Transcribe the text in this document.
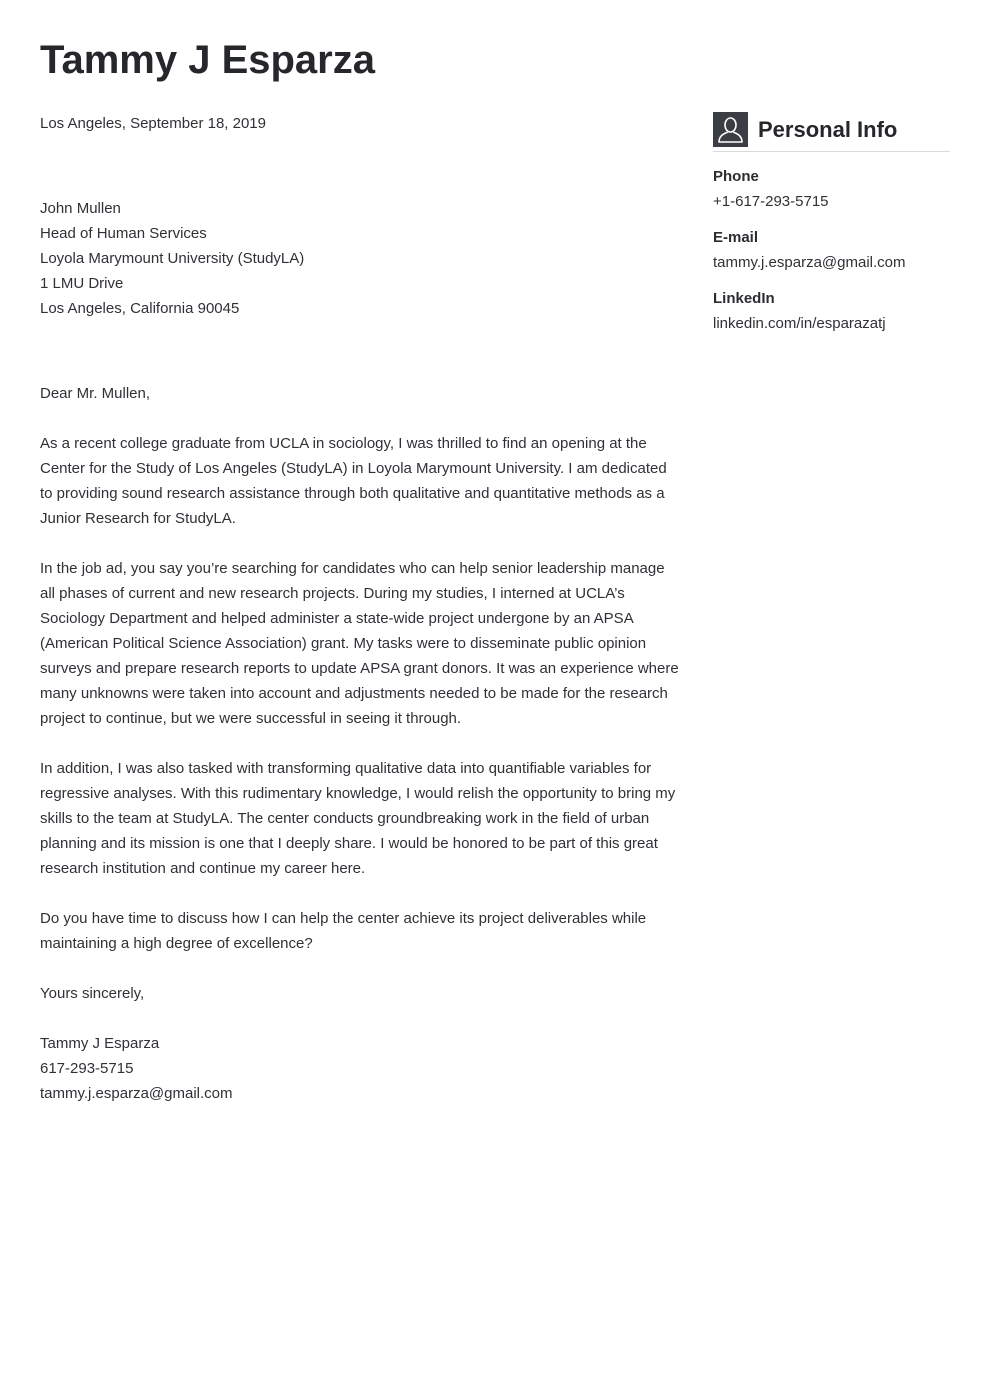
Tammy J Esparza

Los Angeles, September 18, 2019

John Mullen

Head of Human Services

Loyola Marymount University (StudyLA)

1 LMU Drive

Los Angeles, California 90045

Dear Mr. Mullen,

As a recent college graduate from UCLA in sociology, I was thrilled to find an opening at the Center for the Study of Los Angeles (StudyLA) in Loyola Marymount University. I am dedicated to providing sound research assistance through both qualitative and quantitative methods as a Junior Research for StudyLA.

In the job ad, you say you’re searching for candidates who can help senior leadership manage all phases of current and new research projects. During my studies, I interned at UCLA’s Sociology Department and helped administer a state-wide project undergone by an APSA (American Political Science Association) grant. My tasks were to disseminate public opinion surveys and prepare research reports to update APSA grant donors. It was an experience where many unknowns were taken into account and adjustments needed to be made for the research project to continue, but we were successful in seeing it through.

In addition, I was also tasked with transforming qualitative data into quantifiable variables for regressive analyses. With this rudimentary knowledge, I would relish the opportunity to bring my skills to the team at StudyLA. The center conducts groundbreaking work in the field of urban planning and its mission is one that I deeply share. I would be honored to be part of this great research institution and continue my career here.

Do you have time to discuss how I can help the center achieve its project deliverables while maintaining a high degree of excellence?

Yours sincerely,

Tammy J Esparza

617-293-5715

tammy.j.esparza@gmail.com

Personal Info
Phone
+1-617-293-5715
E-mail
tammy.j.esparza@gmail.com
LinkedIn
linkedin.com/in/esparazatj
